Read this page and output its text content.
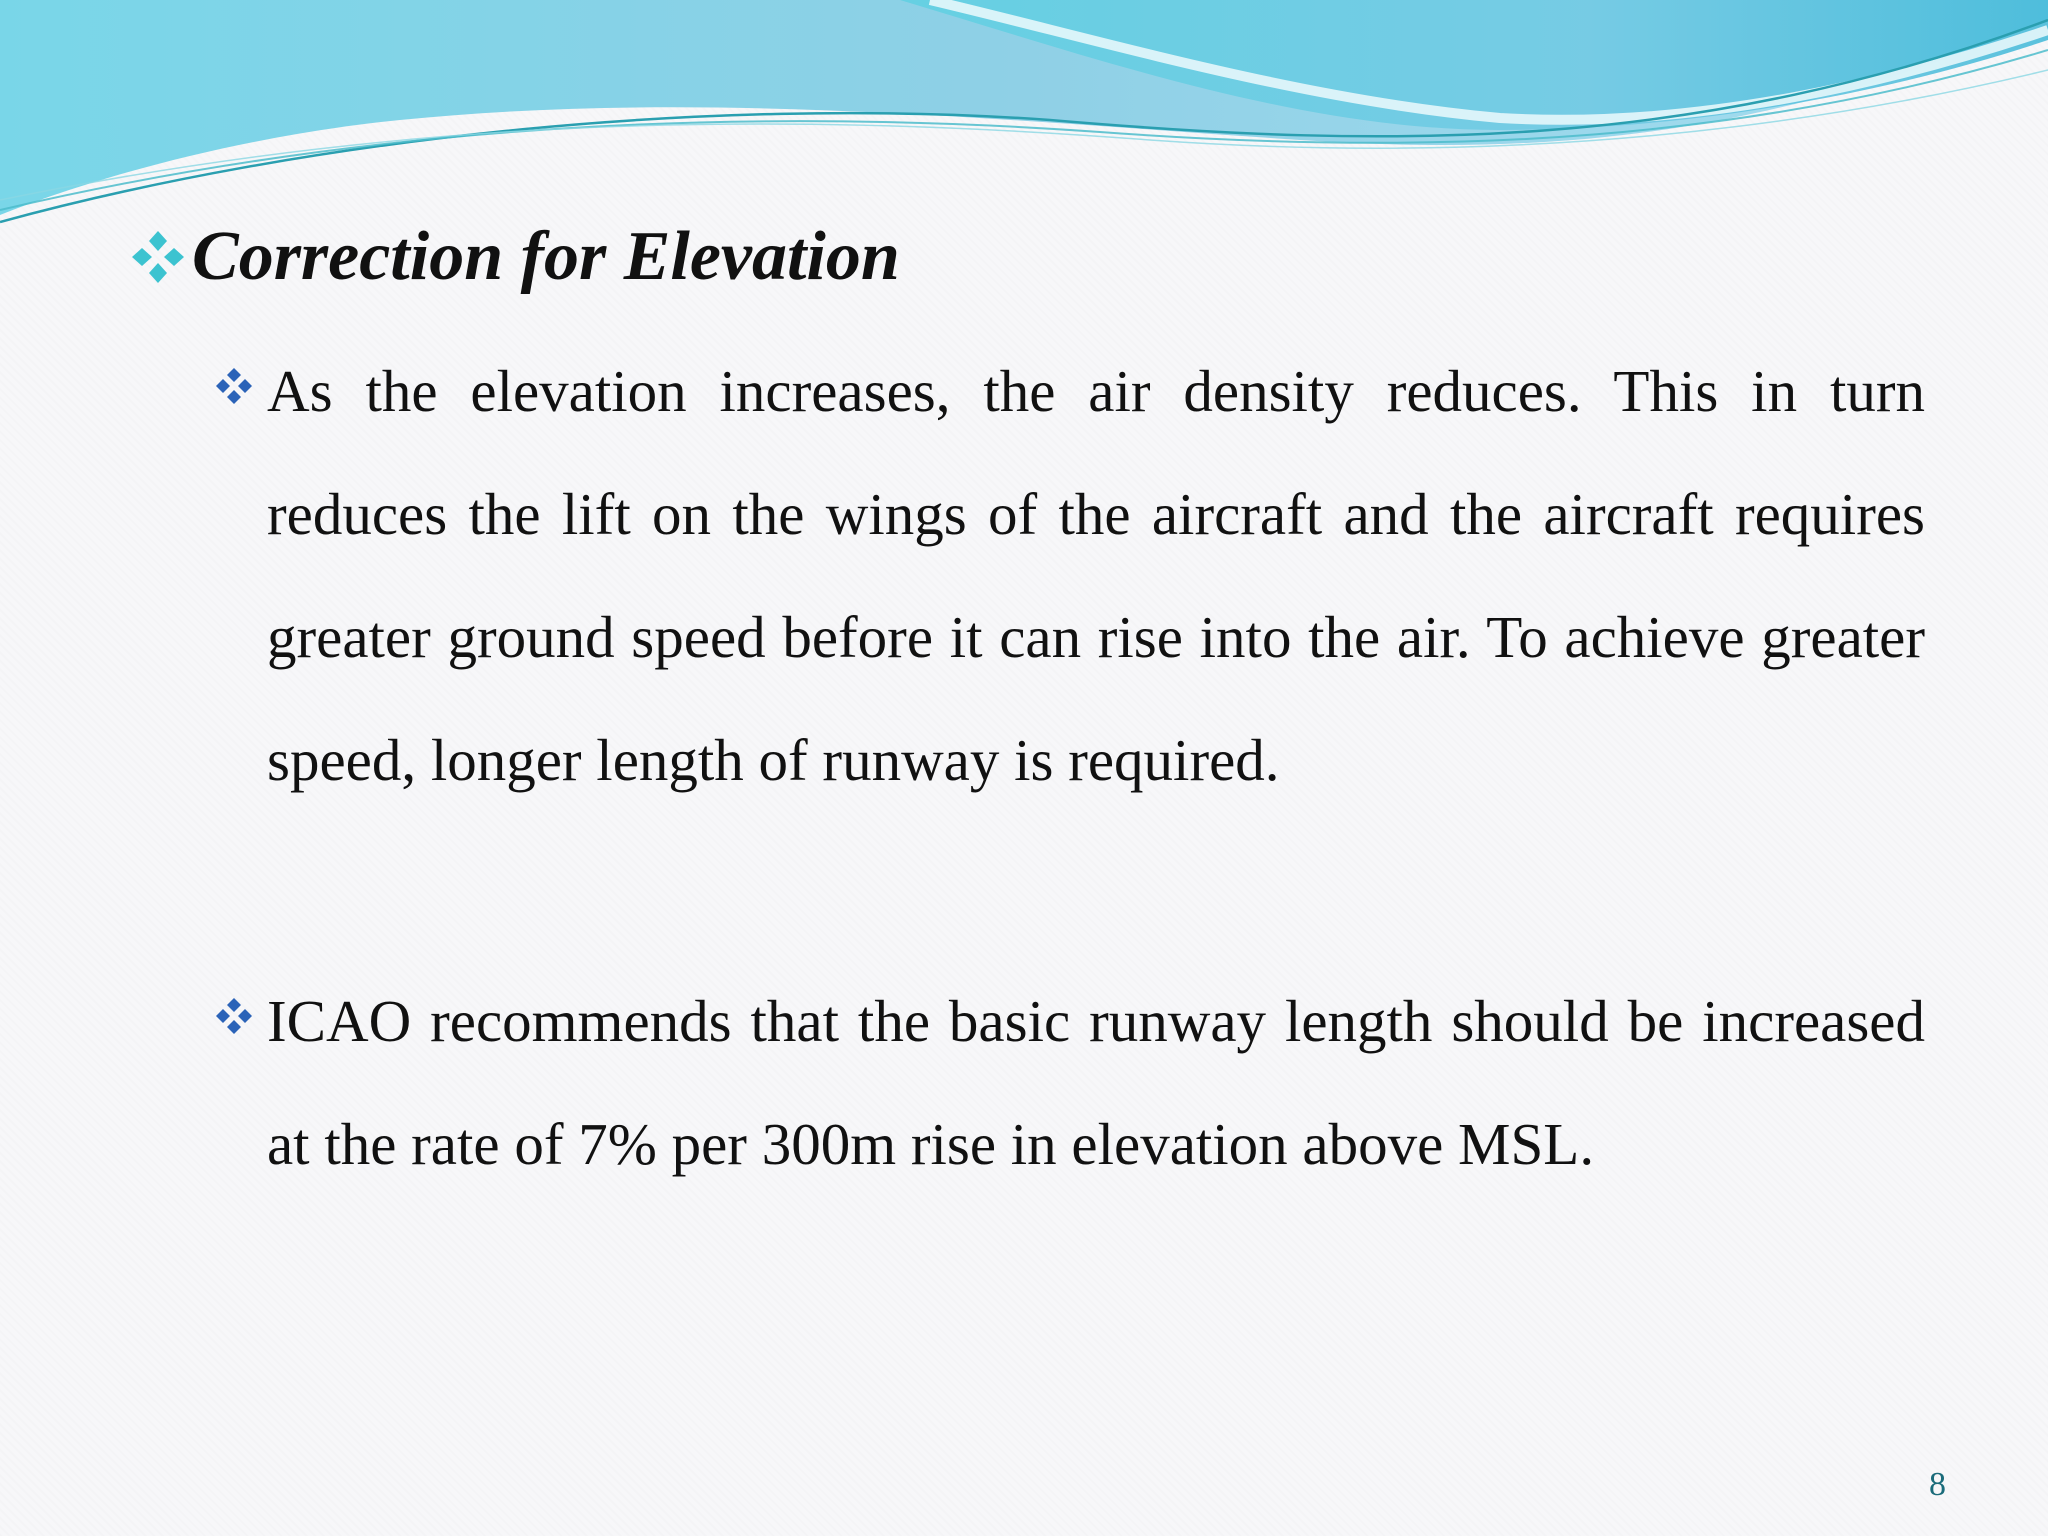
Correction for Elevation

As the elevation increases, the air density reduces. This in turn reduces the lift on the wings of the aircraft and the aircraft requires greater ground speed before it can rise into the air. To achieve greater speed, longer length of runway is required.

ICAO recommends that the basic runway length should be increased at the rate of 7% per 300m rise in elevation above MSL.

8
